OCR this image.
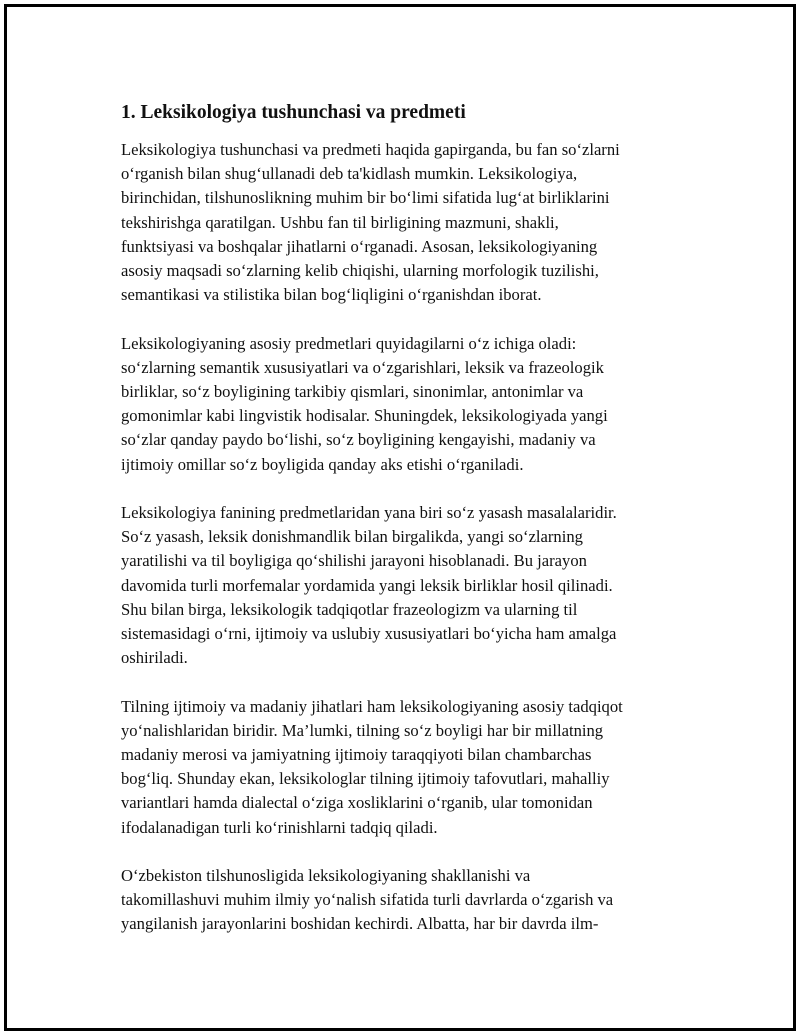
1. Leksikologiya tushunchasi va predmeti
Leksikologiya tushunchasi va predmeti haqida gapirganda, bu fan so‘zlarni
o‘rganish bilan shug‘ullanadi deb ta'kidlash mumkin. Leksikologiya,
birinchidan, tilshunoslikning muhim bir bo‘limi sifatida lug‘at birliklarini
tekshirishga qaratilgan. Ushbu fan til birligining mazmuni, shakli,
funktsiyasi va boshqalar jihatlarni o‘rganadi. Asosan, leksikologiyaning
asosiy maqsadi so‘zlarning kelib chiqishi, ularning morfologik tuzilishi,
semantikasi va stilistika bilan bog‘liqligini o‘rganishdan iborat.
Leksikologiyaning asosiy predmetlari quyidagilarni o‘z ichiga oladi:
so‘zlarning semantik xususiyatlari va o‘zgarishlari, leksik va frazeologik
birliklar, so‘z boyligining tarkibiy qismlari, sinonimlar, antonimlar va
gomonimlar kabi lingvistik hodisalar. Shuningdek, leksikologiyada yangi
so‘zlar qanday paydo bo‘lishi, so‘z boyligining kengayishi, madaniy va
ijtimoiy omillar so‘z boyligida qanday aks etishi o‘rganiladi.
Leksikologiya fanining predmetlaridan yana biri so‘z yasash masalalaridir.
So‘z yasash, leksik donishmandlik bilan birgalikda, yangi so‘zlarning
yaratilishi va til boyligiga qo‘shilishi jarayoni hisoblanadi. Bu jarayon
davomida turli morfemalar yordamida yangi leksik birliklar hosil qilinadi.
Shu bilan birga, leksikologik tadqiqotlar frazeologizm va ularning til
sistemasidagi o‘rni, ijtimoiy va uslubiy xususiyatlari bo‘yicha ham amalga
oshiriladi.
Tilning ijtimoiy va madaniy jihatlari ham leksikologiyaning asosiy tadqiqot
yo‘nalishlaridan biridir. Ma’lumki, tilning so‘z boyligi har bir millatning
madaniy merosi va jamiyatning ijtimoiy taraqqiyoti bilan chambarchas
bog‘liq. Shunday ekan, leksikologlar tilning ijtimoiy tafovutlari, mahalliy
variantlari hamda dialectal o‘ziga xosliklarini o‘rganib, ular tomonidan
ifodalanadigan turli ko‘rinishlarni tadqiq qiladi.
O‘zbekiston tilshunosligida leksikologiyaning shakllanishi va
takomillashuvi muhim ilmiy yo‘nalish sifatida turli davrlarda o‘zgarish va
yangilanish jarayonlarini boshidan kechirdi. Albatta, har bir davrda ilm-
